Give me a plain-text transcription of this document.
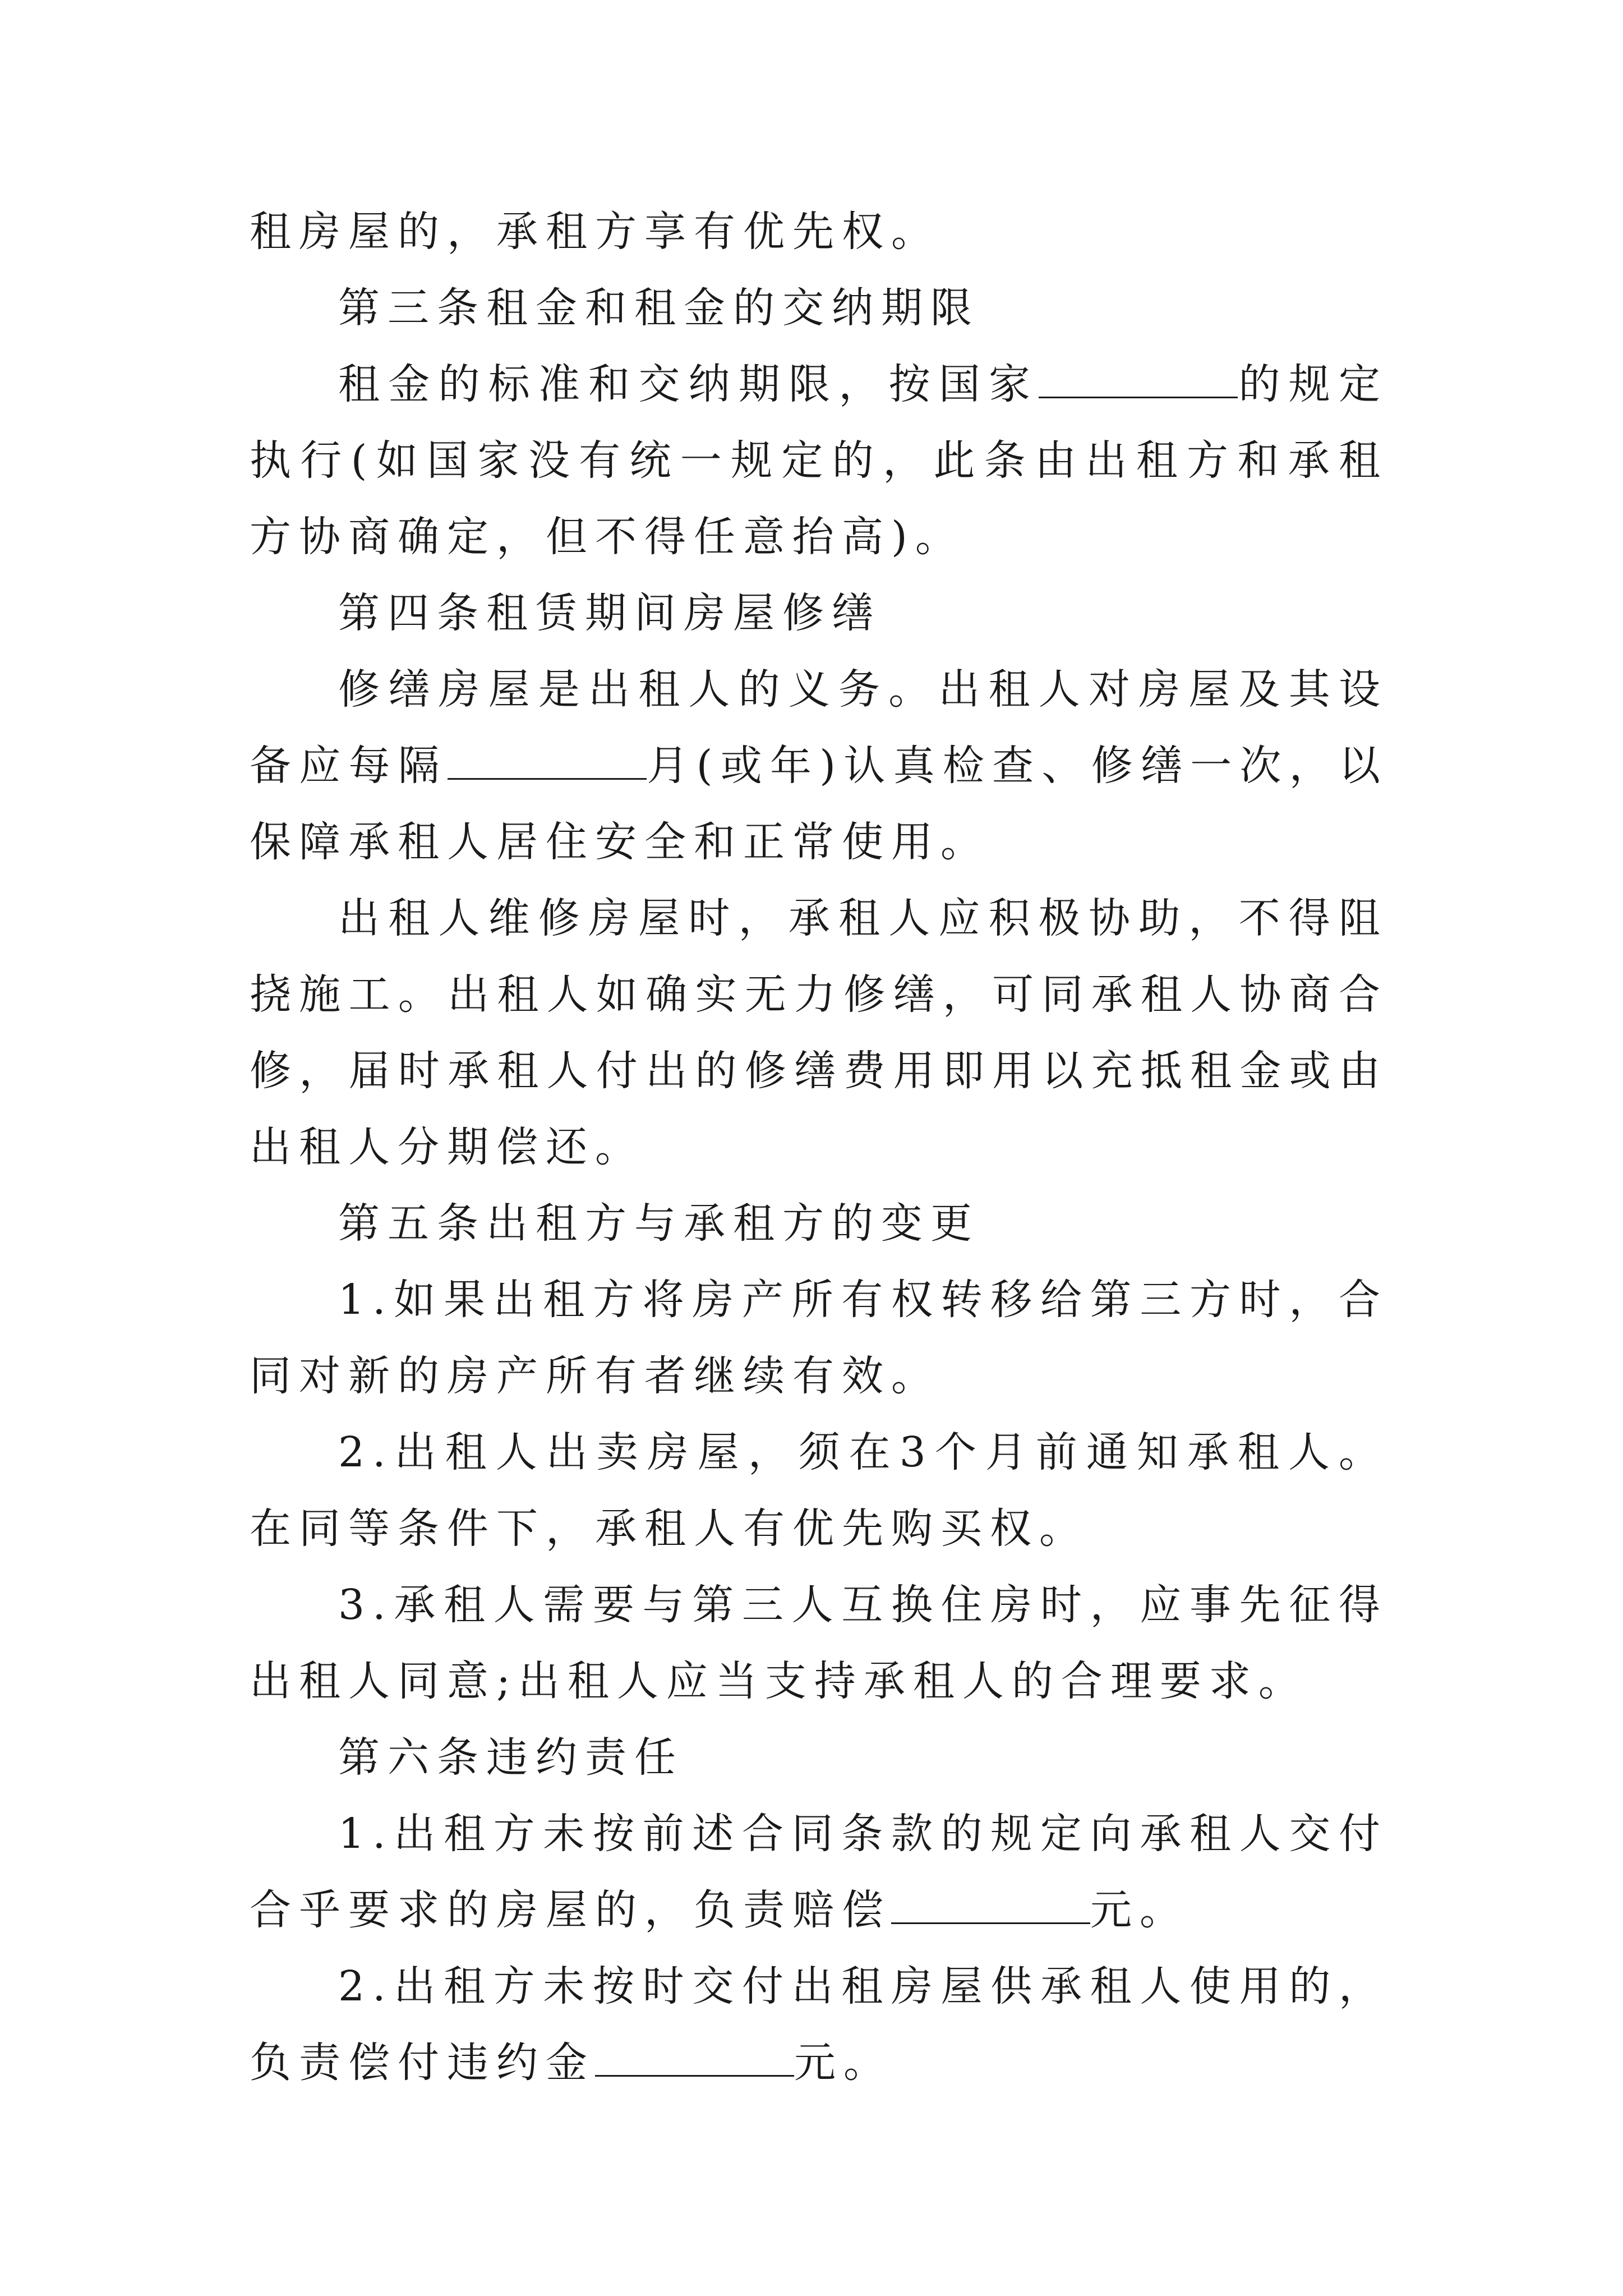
租房屋的，承租方享有优先权。

第三条租金和租金的交纳期限

租金的标准和交纳期限，按国家	的规定执行(如国家没有统一规定的，此条由出租方和承租方协商确定，但不得任意抬高)。

第四条租赁期间房屋修缮

修缮房屋是出租人的义务。出租人对房屋及其设备应每隔	月(或年)认真检查、修缮一次，以保障承租人居住安全和正常使用。

出租人维修房屋时，承租人应积极协助，不得阻挠施工。出租人如确实无力修缮，可同承租人协商合修，届时承租人付出的修缮费用即用以充抵租金或由出租人分期偿还。

第五条出租方与承租方的变更

1.如果出租方将房产所有权转移给第三方时，合同对新的房产所有者继续有效。

2.出租人出卖房屋，须在3个月前通知承租人。在同等条件下，承租人有优先购买权。

3.承租人需要与第三人互换住房时，应事先征得出租人同意;出租人应当支持承租人的合理要求。

第六条违约责任

1.出租方未按前述合同条款的规定向承租人交付合乎要求的房屋的，负责赔偿	元。

2.出租方未按时交付出租房屋供承租人使用的，负责偿付违约金	元。
